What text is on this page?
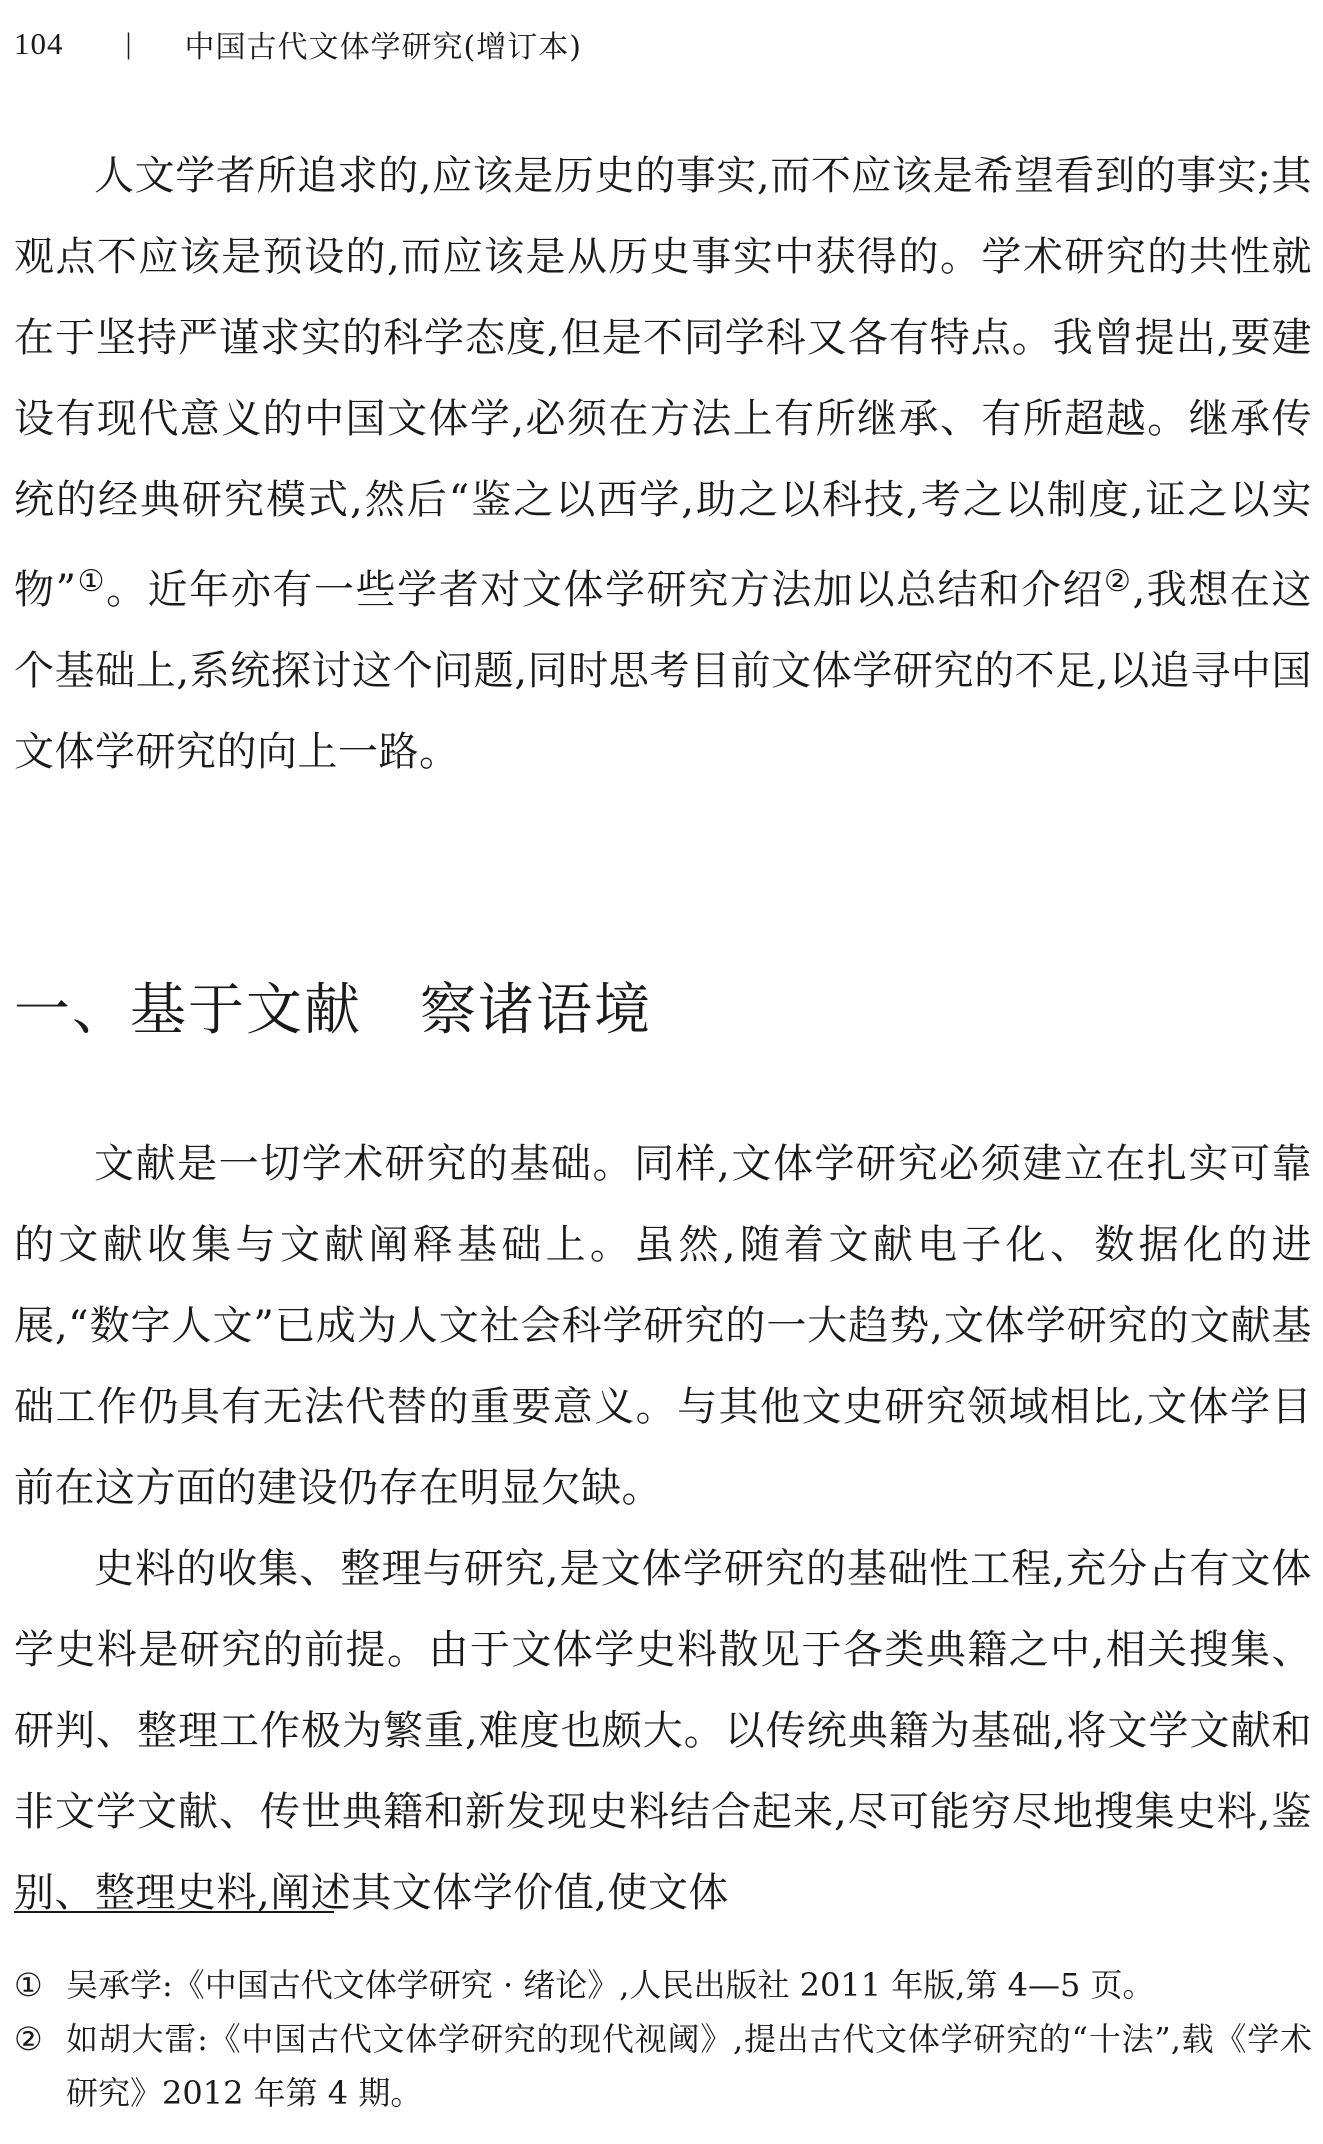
104 | 中国古代文体学研究(增订本)

人文学者所追求的,应该是历史的事实,而不应该是希望看到的事实;其观点不应该是预设的,而应该是从历史事实中获得的。学术研究的共性就在于坚持严谨求实的科学态度,但是不同学科又各有特点。我曾提出,要建设有现代意义的中国文体学,必须在方法上有所继承、有所超越。继承传统的经典研究模式,然后“鉴之以西学,助之以科技,考之以制度,证之以实物”①。近年亦有一些学者对文体学研究方法加以总结和介绍②,我想在这个基础上,系统探讨这个问题,同时思考目前文体学研究的不足,以追寻中国文体学研究的向上一路。

一、基于文献　察诸语境

文献是一切学术研究的基础。同样,文体学研究必须建立在扎实可靠的文献收集与文献阐释基础上。虽然,随着文献电子化、数据化的进展,“数字人文”已成为人文社会科学研究的一大趋势,文体学研究的文献基础工作仍具有无法代替的重要意义。与其他文史研究领域相比,文体学目前在这方面的建设仍存在明显欠缺。

史料的收集、整理与研究,是文体学研究的基础性工程,充分占有文体学史料是研究的前提。由于文体学史料散见于各类典籍之中,相关搜集、研判、整理工作极为繁重,难度也颇大。以传统典籍为基础,将文学文献和非文学文献、传世典籍和新发现史料结合起来,尽可能穷尽地搜集史料,鉴别、整理史料,阐述其文体学价值,使文体

① 吴承学:《中国古代文体学研究 · 绪论》,人民出版社 2011 年版,第 4—5 页。
② 如胡大雷:《中国古代文体学研究的现代视阈》,提出古代文体学研究的“十法”,载《学术研究》2012 年第 4 期。
